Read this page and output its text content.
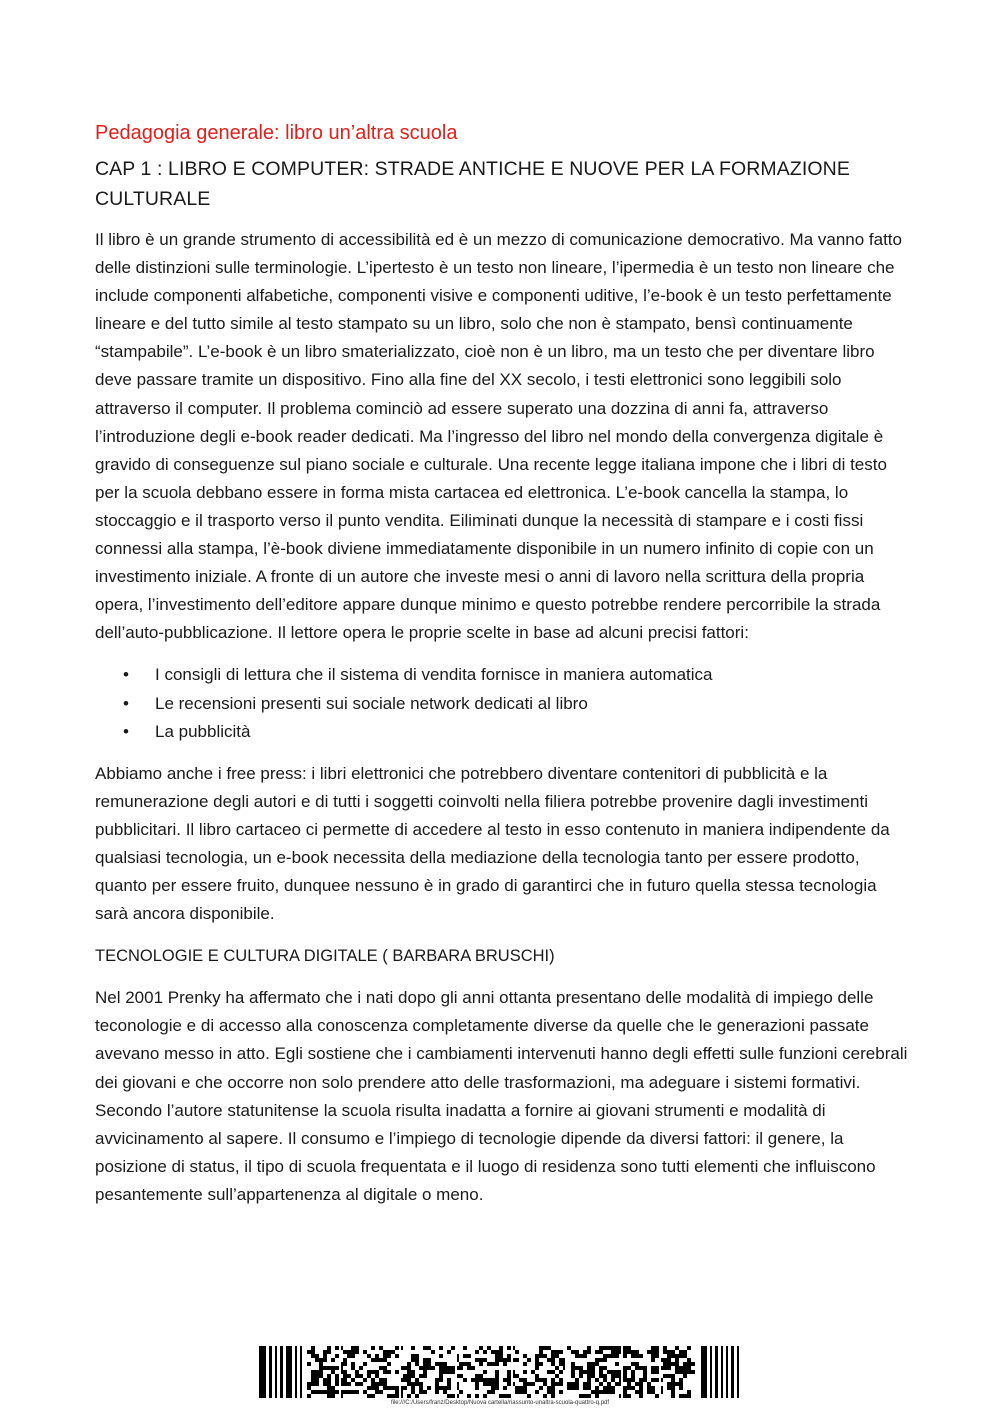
Pedagogia generale: libro un’altra scuola
CAP 1 : LIBRO E COMPUTER: STRADE ANTICHE E NUOVE PER LA FORMAZIONE CULTURALE

Il libro è un grande strumento di accessibilità ed è un mezzo di comunicazione democrativo. Ma vanno fatto delle distinzioni sulle terminologie. L’ipertesto è un testo non lineare, l’ipermedia è un testo non lineare che include componenti alfabetiche, componenti visive e componenti uditive, l’e-book è un testo perfettamente lineare e del tutto simile al testo stampato su un libro, solo che non è stampato, bensì continuamente “stampabile”. L’e-book è un libro smaterializzato, cioè non è un libro, ma un testo che per diventare libro deve passare tramite un dispositivo. Fino alla fine del XX secolo, i testi elettronici sono leggibili solo attraverso il computer. Il problema cominciò ad essere superato una dozzina di anni fa, attraverso l’introduzione degli e-book reader dedicati. Ma l’ingresso del libro nel mondo della convergenza digitale è gravido di conseguenze sul piano sociale e culturale. Una recente legge italiana impone che i libri di testo per la scuola debbano essere in forma mista cartacea ed elettronica. L’e-book cancella la stampa, lo stoccaggio e il trasporto verso il punto vendita. Eiliminati dunque la necessità di stampare e i costi fissi connessi alla stampa, l’è-book diviene immediatamente disponibile in un numero infinito di copie con un investimento iniziale. A fronte di un autore che investe mesi o anni di lavoro nella scrittura della propria opera, l’investimento dell’editore appare dunque minimo e questo potrebbe rendere percorribile la strada dell’auto-pubblicazione. Il lettore opera le proprie scelte in base ad alcuni precisi fattori:

• I consigli di lettura che il sistema di vendita fornisce in maniera automatica
• Le recensioni presenti sui sociale network dedicati al libro
• La pubblicità

Abbiamo anche i free press: i libri elettronici che potrebbero diventare contenitori di pubblicità e la remunerazione degli autori e di tutti i soggetti coinvolti nella filiera potrebbe provenire dagli investimenti pubblicitari. Il libro cartaceo ci permette di accedere al testo in esso contenuto in maniera indipendente da qualsiasi tecnologia, un e-book necessita della mediazione della tecnologia tanto per essere prodotto, quanto per essere fruito, dunquee nessuno è in grado di garantirci che in futuro quella stessa tecnologia sarà ancora disponibile.

TECNOLOGIE E CULTURA DIGITALE ( BARBARA BRUSCHI)

Nel 2001 Prenky ha affermato che i nati dopo gli anni ottanta presentano delle modalità di impiego delle teconologie e di accesso alla conoscenza completamente diverse da quelle che le generazioni passate avevano messo in atto. Egli sostiene che i cambiamenti intervenuti hanno degli effetti sulle funzioni cerebrali dei giovani e che occorre non solo prendere atto delle trasformazioni, ma adeguare i sistemi formativi. Secondo l’autore statunitense la scuola risulta inadatta a fornire ai giovani strumenti e modalità di avvicinamento al sapere. Il consumo e l’impiego di tecnologie dipende da diversi fattori: il genere, la posizione di status, il tipo di scuola frequentata e il luogo di residenza sono tutti elementi che influiscono pesantemente sull’appartenenza al digitale o meno.

file:///C:/Users/franz/Desktop/Nuova cartella/riassunto-unaltra-scuola-quattro-q.pdf
